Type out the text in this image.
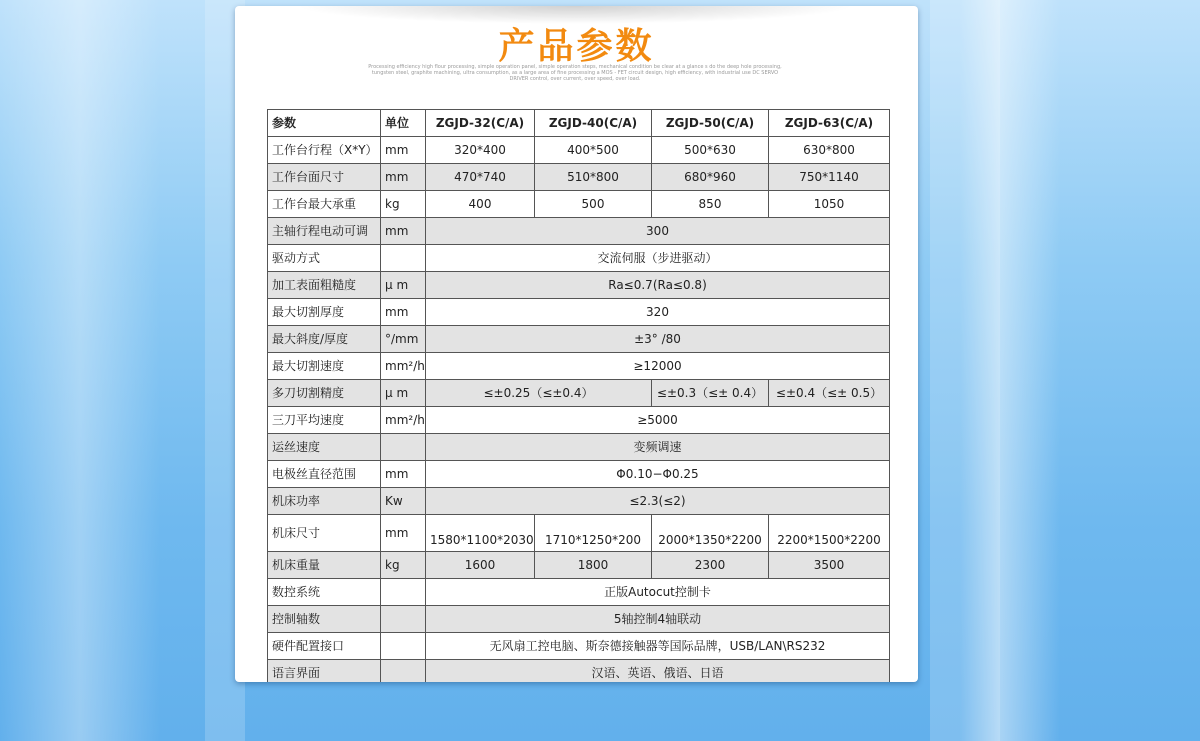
产品参数
Processing efficiency high flour processing, simple operation panel, simple operation steps, mechanical condition be clear at a glance s do the deep hole processing, tungsten steel, graphite machining, ultra consumption, as a large area of fine processing a MOS - FET circuit design, high efficiency, with industrial use DC SERVO DRIVER control, over current, over speed, over load.
参数	单位	ZGJD-32(C/A)	ZGJD-40(C/A)	ZGJD-50(C/A)	ZGJD-63(C/A)
工作台行程（X*Y）	mm	320*400	400*500	500*630	630*800
工作台面尺寸	mm	470*740	510*800	680*960	750*1140
工作台最大承重	kg	400	500	850	1050
主轴行程电动可调	mm	300			
驱动方式		交流伺服（步进驱动）			
加工表面粗糙度	μ m	Ra≤0.7(Ra≤0.8)			
最大切割厚度	mm	320			
最大斜度/厚度	°/mm	±3° /80			
最大切割速度	mm²/h	≥12000			
多刀切割精度	μ m	≤±0.25（≤±0.4）		≤±0.3（≤± 0.4）	≤±0.4（≤± 0.5）
三刀平均速度	mm²/h	≥5000			
运丝速度		变频调速			
电极丝直径范围	mm	Φ0.10−Φ0.25			
机床功率	Kw	≤2.3(≤2)			
机床尺寸	mm	1580*1100*2030	1710*1250*200	2000*1350*2200	2200*1500*2200
机床重量	kg	1600	1800	2300	3500
数控系统		正版Autocut控制卡			
控制轴数		5轴控制4轴联动			
硬件配置接口		无风扇工控电脑、斯奈德接触器等国际品牌，USB/LAN\RS232			
语言界面		汉语、英语、俄语、日语			
